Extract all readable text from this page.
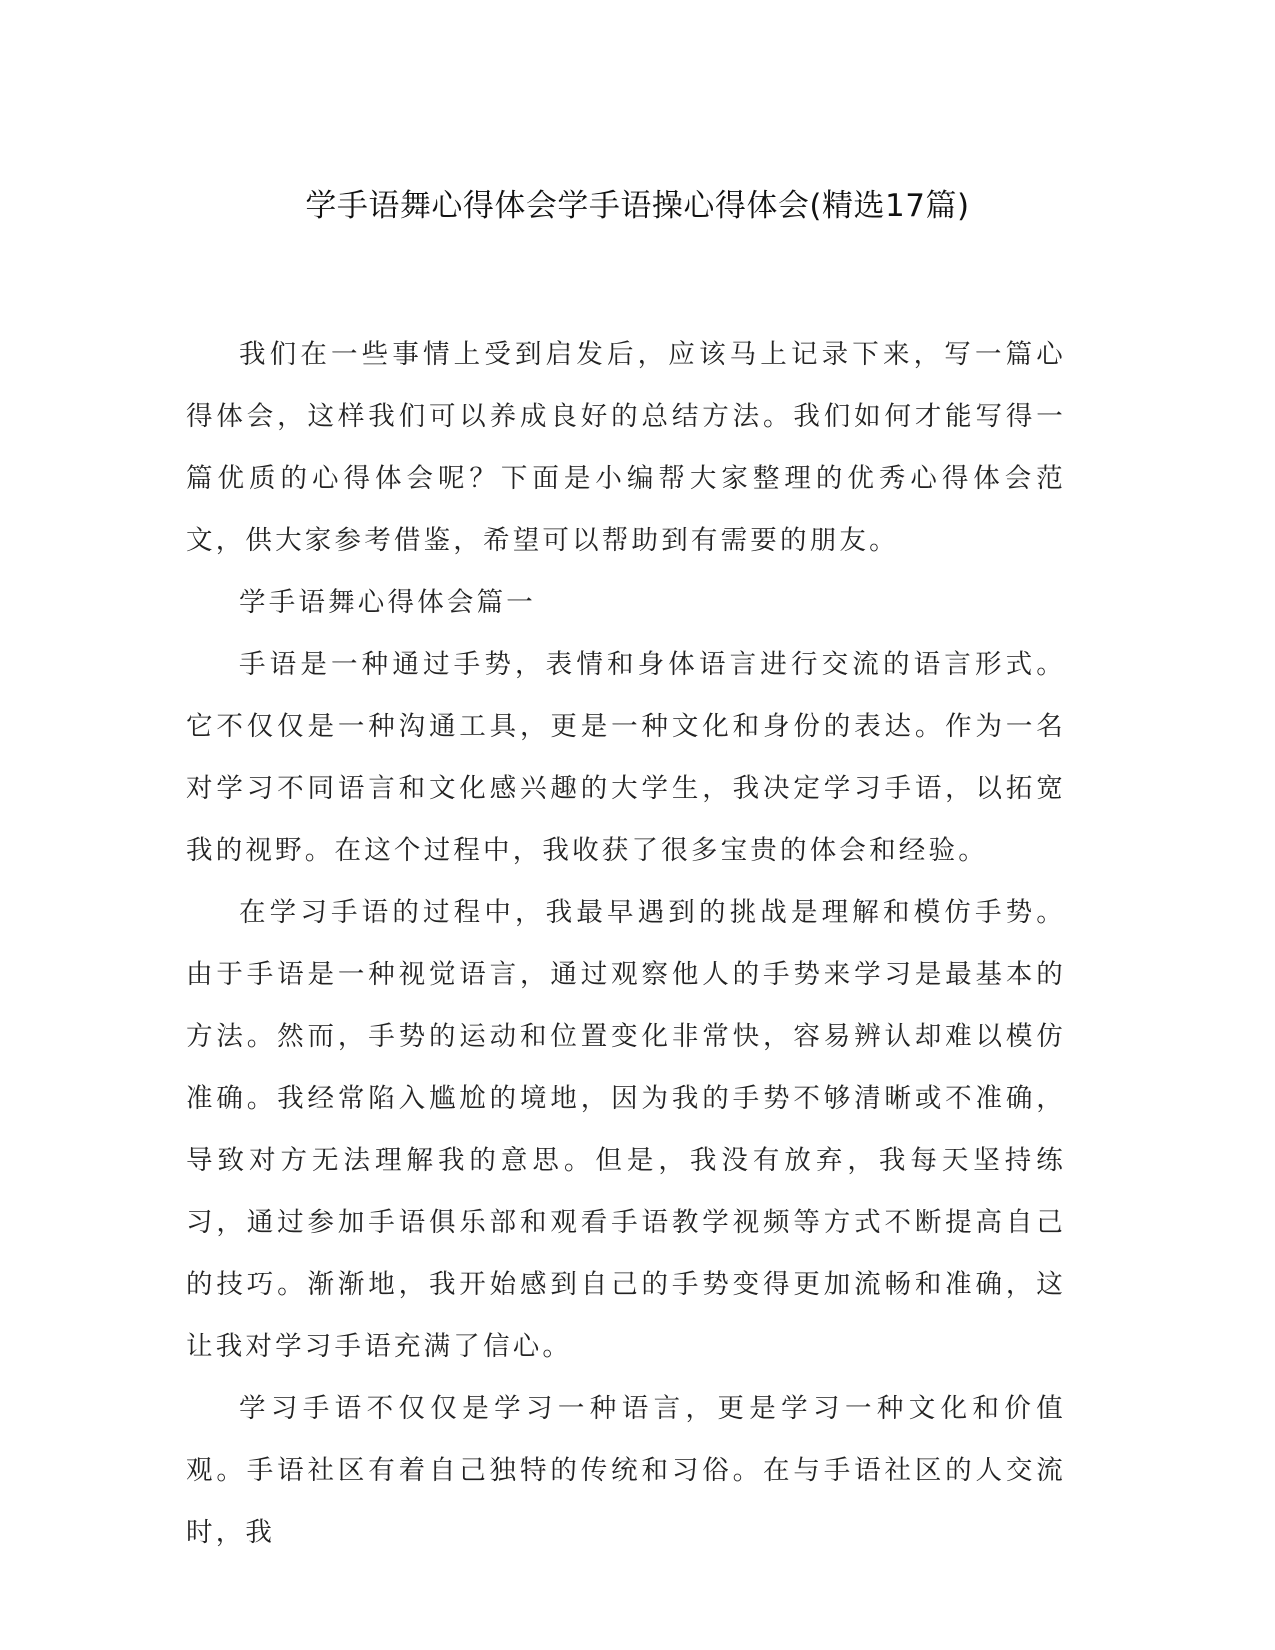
学手语舞心得体会学手语操心得体会(精选17篇)

我们在一些事情上受到启发后，应该马上记录下来，写一篇心得体会，这样我们可以养成良好的总结方法。我们如何才能写得一篇优质的心得体会呢？下面是小编帮大家整理的优秀心得体会范文，供大家参考借鉴，希望可以帮助到有需要的朋友。

学手语舞心得体会篇一

手语是一种通过手势，表情和身体语言进行交流的语言形式。它不仅仅是一种沟通工具，更是一种文化和身份的表达。作为一名对学习不同语言和文化感兴趣的大学生，我决定学习手语，以拓宽我的视野。在这个过程中，我收获了很多宝贵的体会和经验。

在学习手语的过程中，我最早遇到的挑战是理解和模仿手势。由于手语是一种视觉语言，通过观察他人的手势来学习是最基本的方法。然而，手势的运动和位置变化非常快，容易辨认却难以模仿准确。我经常陷入尴尬的境地，因为我的手势不够清晰或不准确，导致对方无法理解我的意思。但是，我没有放弃，我每天坚持练习，通过参加手语俱乐部和观看手语教学视频等方式不断提高自己的技巧。渐渐地，我开始感到自己的手势变得更加流畅和准确，这让我对学习手语充满了信心。

学习手语不仅仅是学习一种语言，更是学习一种文化和价值观。手语社区有着自己独特的传统和习俗。在与手语社区的人交流时，我
